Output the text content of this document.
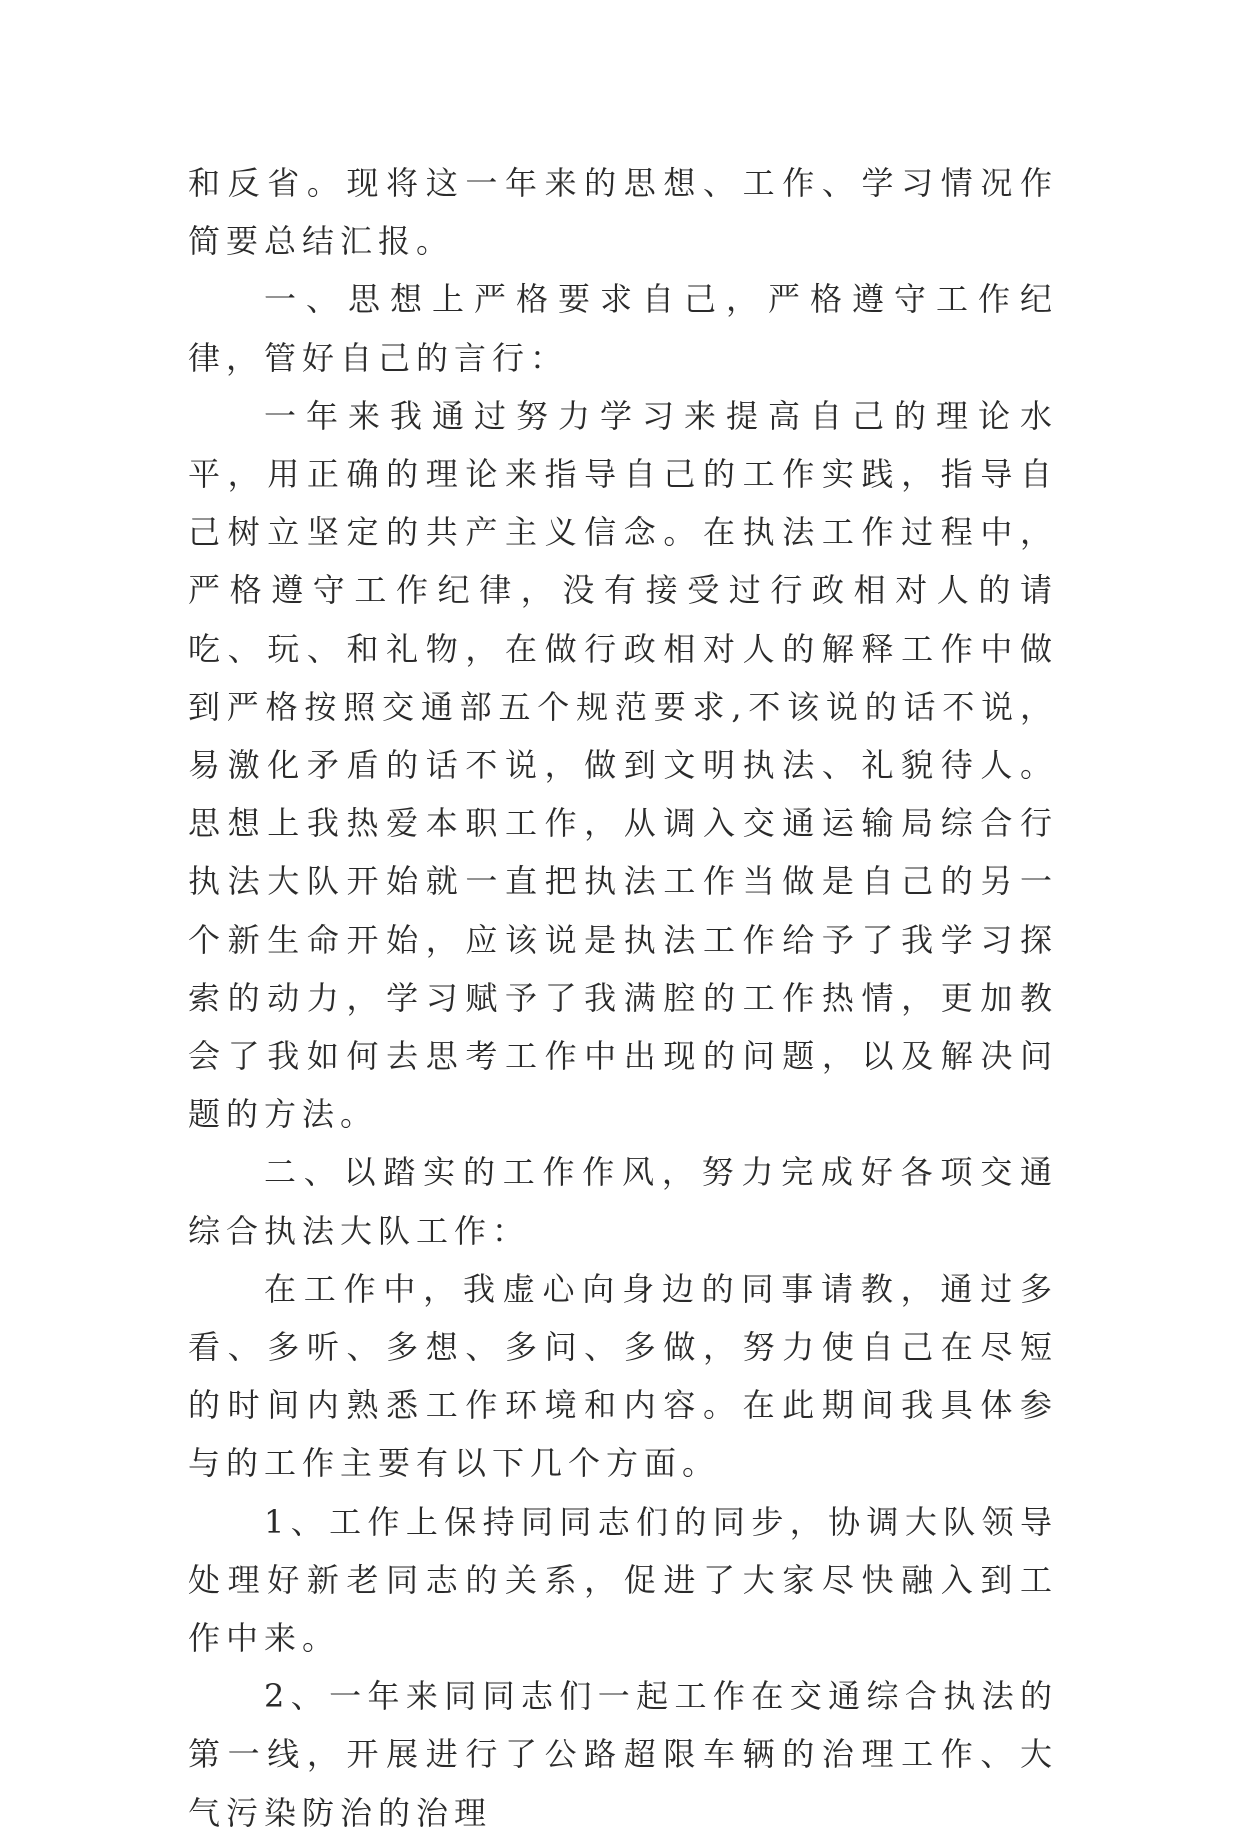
和反省。现将这一年来的思想、工作、学习情况作简要总结汇报。

一、思想上严格要求自己，严格遵守工作纪律，管好自己的言行：

一年来我通过努力学习来提高自己的理论水平，用正确的理论来指导自己的工作实践，指导自己树立坚定的共产主义信念。在执法工作过程中，严格遵守工作纪律，没有接受过行政相对人的请吃、玩、和礼物，在做行政相对人的解释工作中做到严格按照交通部五个规范要求,不该说的话不说，易激化矛盾的话不说，做到文明执法、礼貌待人。思想上我热爱本职工作，从调入交通运输局综合行执法大队开始就一直把执法工作当做是自己的另一个新生命开始，应该说是执法工作给予了我学习探索的动力，学习赋予了我满腔的工作热情，更加教会了我如何去思考工作中出现的问题，以及解决问题的方法。

二、以踏实的工作作风，努力完成好各项交通综合执法大队工作：

在工作中，我虚心向身边的同事请教，通过多看、多听、多想、多问、多做，努力使自己在尽短的时间内熟悉工作环境和内容。在此期间我具体参与的工作主要有以下几个方面。

1、工作上保持同同志们的同步，协调大队领导处理好新老同志的关系，促进了大家尽快融入到工作中来。

2、一年来同同志们一起工作在交通综合执法的第一线，开展进行了公路超限车辆的治理工作、大气污染防治的治理
